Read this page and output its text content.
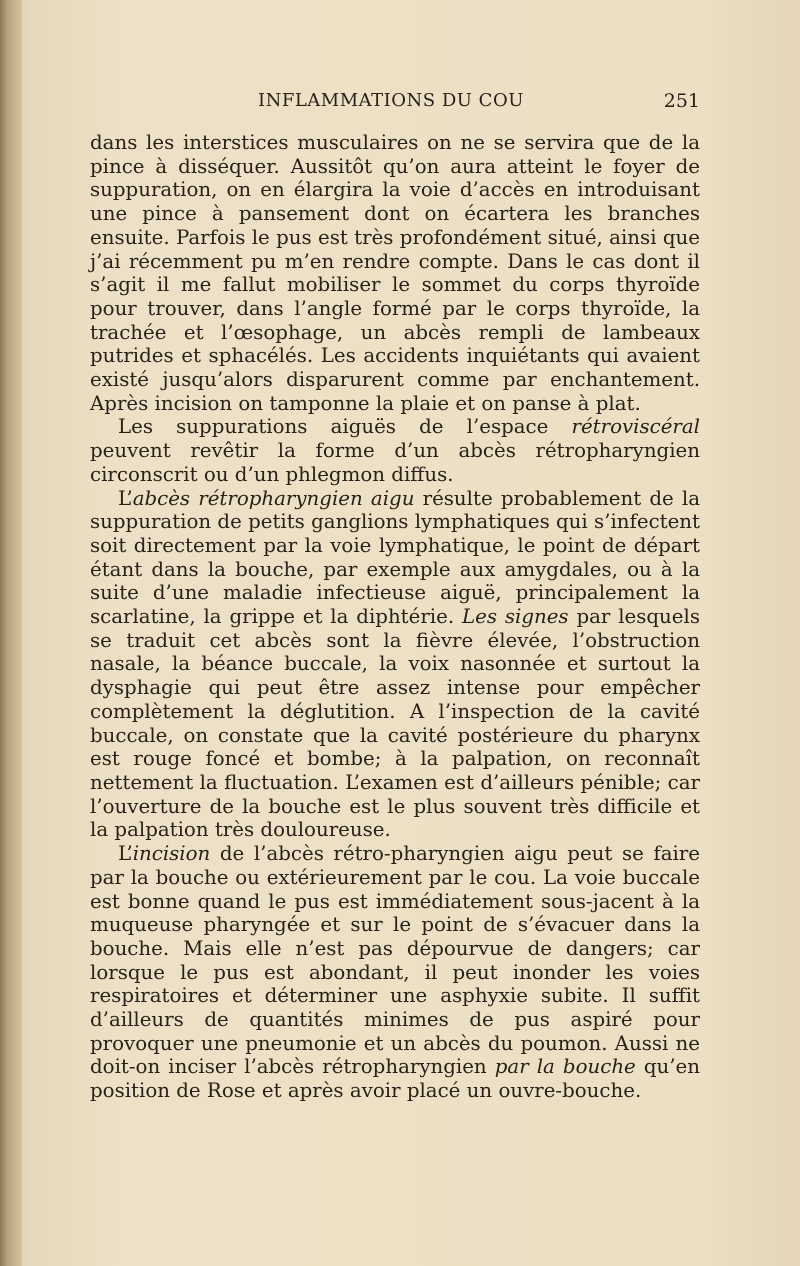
INFLAMMATIONS DU COU	251

dans les interstices musculaires on ne se servira que de la pince à disséquer. Aussitôt qu’on aura atteint le foyer de suppuration, on en élargira la voie d’accès en introduisant une pince à pansement dont on écartera les branches ensuite. Parfois le pus est très profondément situé, ainsi que j’ai récemment pu m’en rendre compte. Dans le cas dont il s’agit il me fallut mobiliser le sommet du corps thyroïde pour trouver, dans l’angle formé par le corps thyroïde, la trachée et l’œsophage, un abcès rempli de lambeaux putrides et sphacélés. Les accidents inquiétants qui avaient existé jusqu’alors disparurent comme par enchantement. Après incision on tamponne la plaie et on panse à plat.

Les suppurations aiguës de l’espace rétroviscéral peuvent revêtir la forme d’un abcès rétropharyngien circonscrit ou d’un phlegmon diffus.

L’abcès rétropharyngien aigu résulte probablement de la suppuration de petits ganglions lymphatiques qui s’infectent soit directement par la voie lymphatique, le point de départ étant dans la bouche, par exemple aux amygdales, ou à la suite d’une maladie infectieuse aiguë, principalement la scarlatine, la grippe et la diphtérie. Les signes par lesquels se traduit cet abcès sont la fièvre élevée, l’obstruction nasale, la béance buccale, la voix nasonnée et surtout la dysphagie qui peut être assez intense pour empêcher complètement la déglutition. A l’inspection de la cavité buccale, on constate que la cavité postérieure du pharynx est rouge foncé et bombe; à la palpation, on reconnaît nettement la fluctuation. L’examen est d’ailleurs pénible; car l’ouverture de la bouche est le plus souvent très difficile et la palpation très douloureuse.

L’incision de l’abcès rétro-pharyngien aigu peut se faire par la bouche ou extérieurement par le cou. La voie buccale est bonne quand le pus est immédiatement sous-jacent à la muqueuse pharyngée et sur le point de s’évacuer dans la bouche. Mais elle n’est pas dépourvue de dangers; car lorsque le pus est abondant, il peut inonder les voies respiratoires et déterminer une asphyxie subite. Il suffit d’ailleurs de quantités minimes de pus aspiré pour provoquer une pneumonie et un abcès du poumon. Aussi ne doit-on inciser l’abcès rétropharyngien par la bouche qu’en position de Rose et après avoir placé un ouvre-bouche.
